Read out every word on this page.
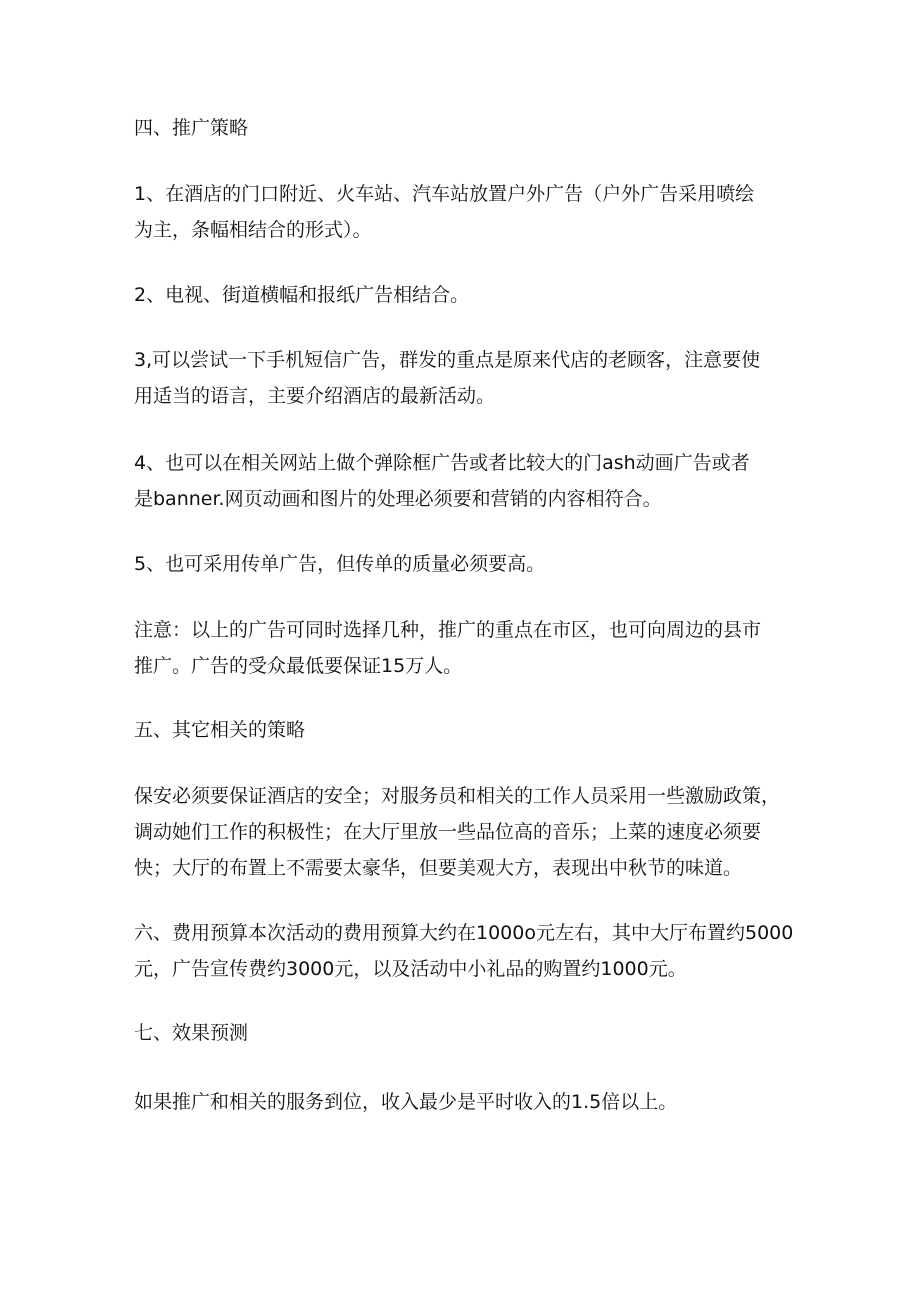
四、推广策略

1、在酒店的门口附近、火车站、汽车站放置户外广告（户外广告采用喷绘
为主，条幅相结合的形式）。

2、电视、街道横幅和报纸广告相结合。

3,可以尝试一下手机短信广告，群发的重点是原来代店的老顾客，注意要使
用适当的语言，主要介绍酒店的最新活动。

4、也可以在相关网站上做个弹除框广告或者比较大的门ash动画广告或者
是banner.网页动画和图片的处理必须要和营销的内容相符合。

5、也可采用传单广告，但传单的质量必须要高。

注意：以上的广告可同时选择几种，推广的重点在市区，也可向周边的县市
推广。广告的受众最低要保证15万人。

五、其它相关的策略

保安必须要保证酒店的安全；对服务员和相关的工作人员采用一些激励政策，
调动她们工作的积极性；在大厅里放一些品位高的音乐；上菜的速度必须要
快；大厅的布置上不需要太豪华，但要美观大方，表现出中秋节的味道。

六、费用预算本次活动的费用预算大约在1000o元左右，其中大厅布置约5000
元，广告宣传费约3000元，以及活动中小礼品的购置约1000元。

七、效果预测

如果推广和相关的服务到位，收入最少是平时收入的1.5倍以上。
